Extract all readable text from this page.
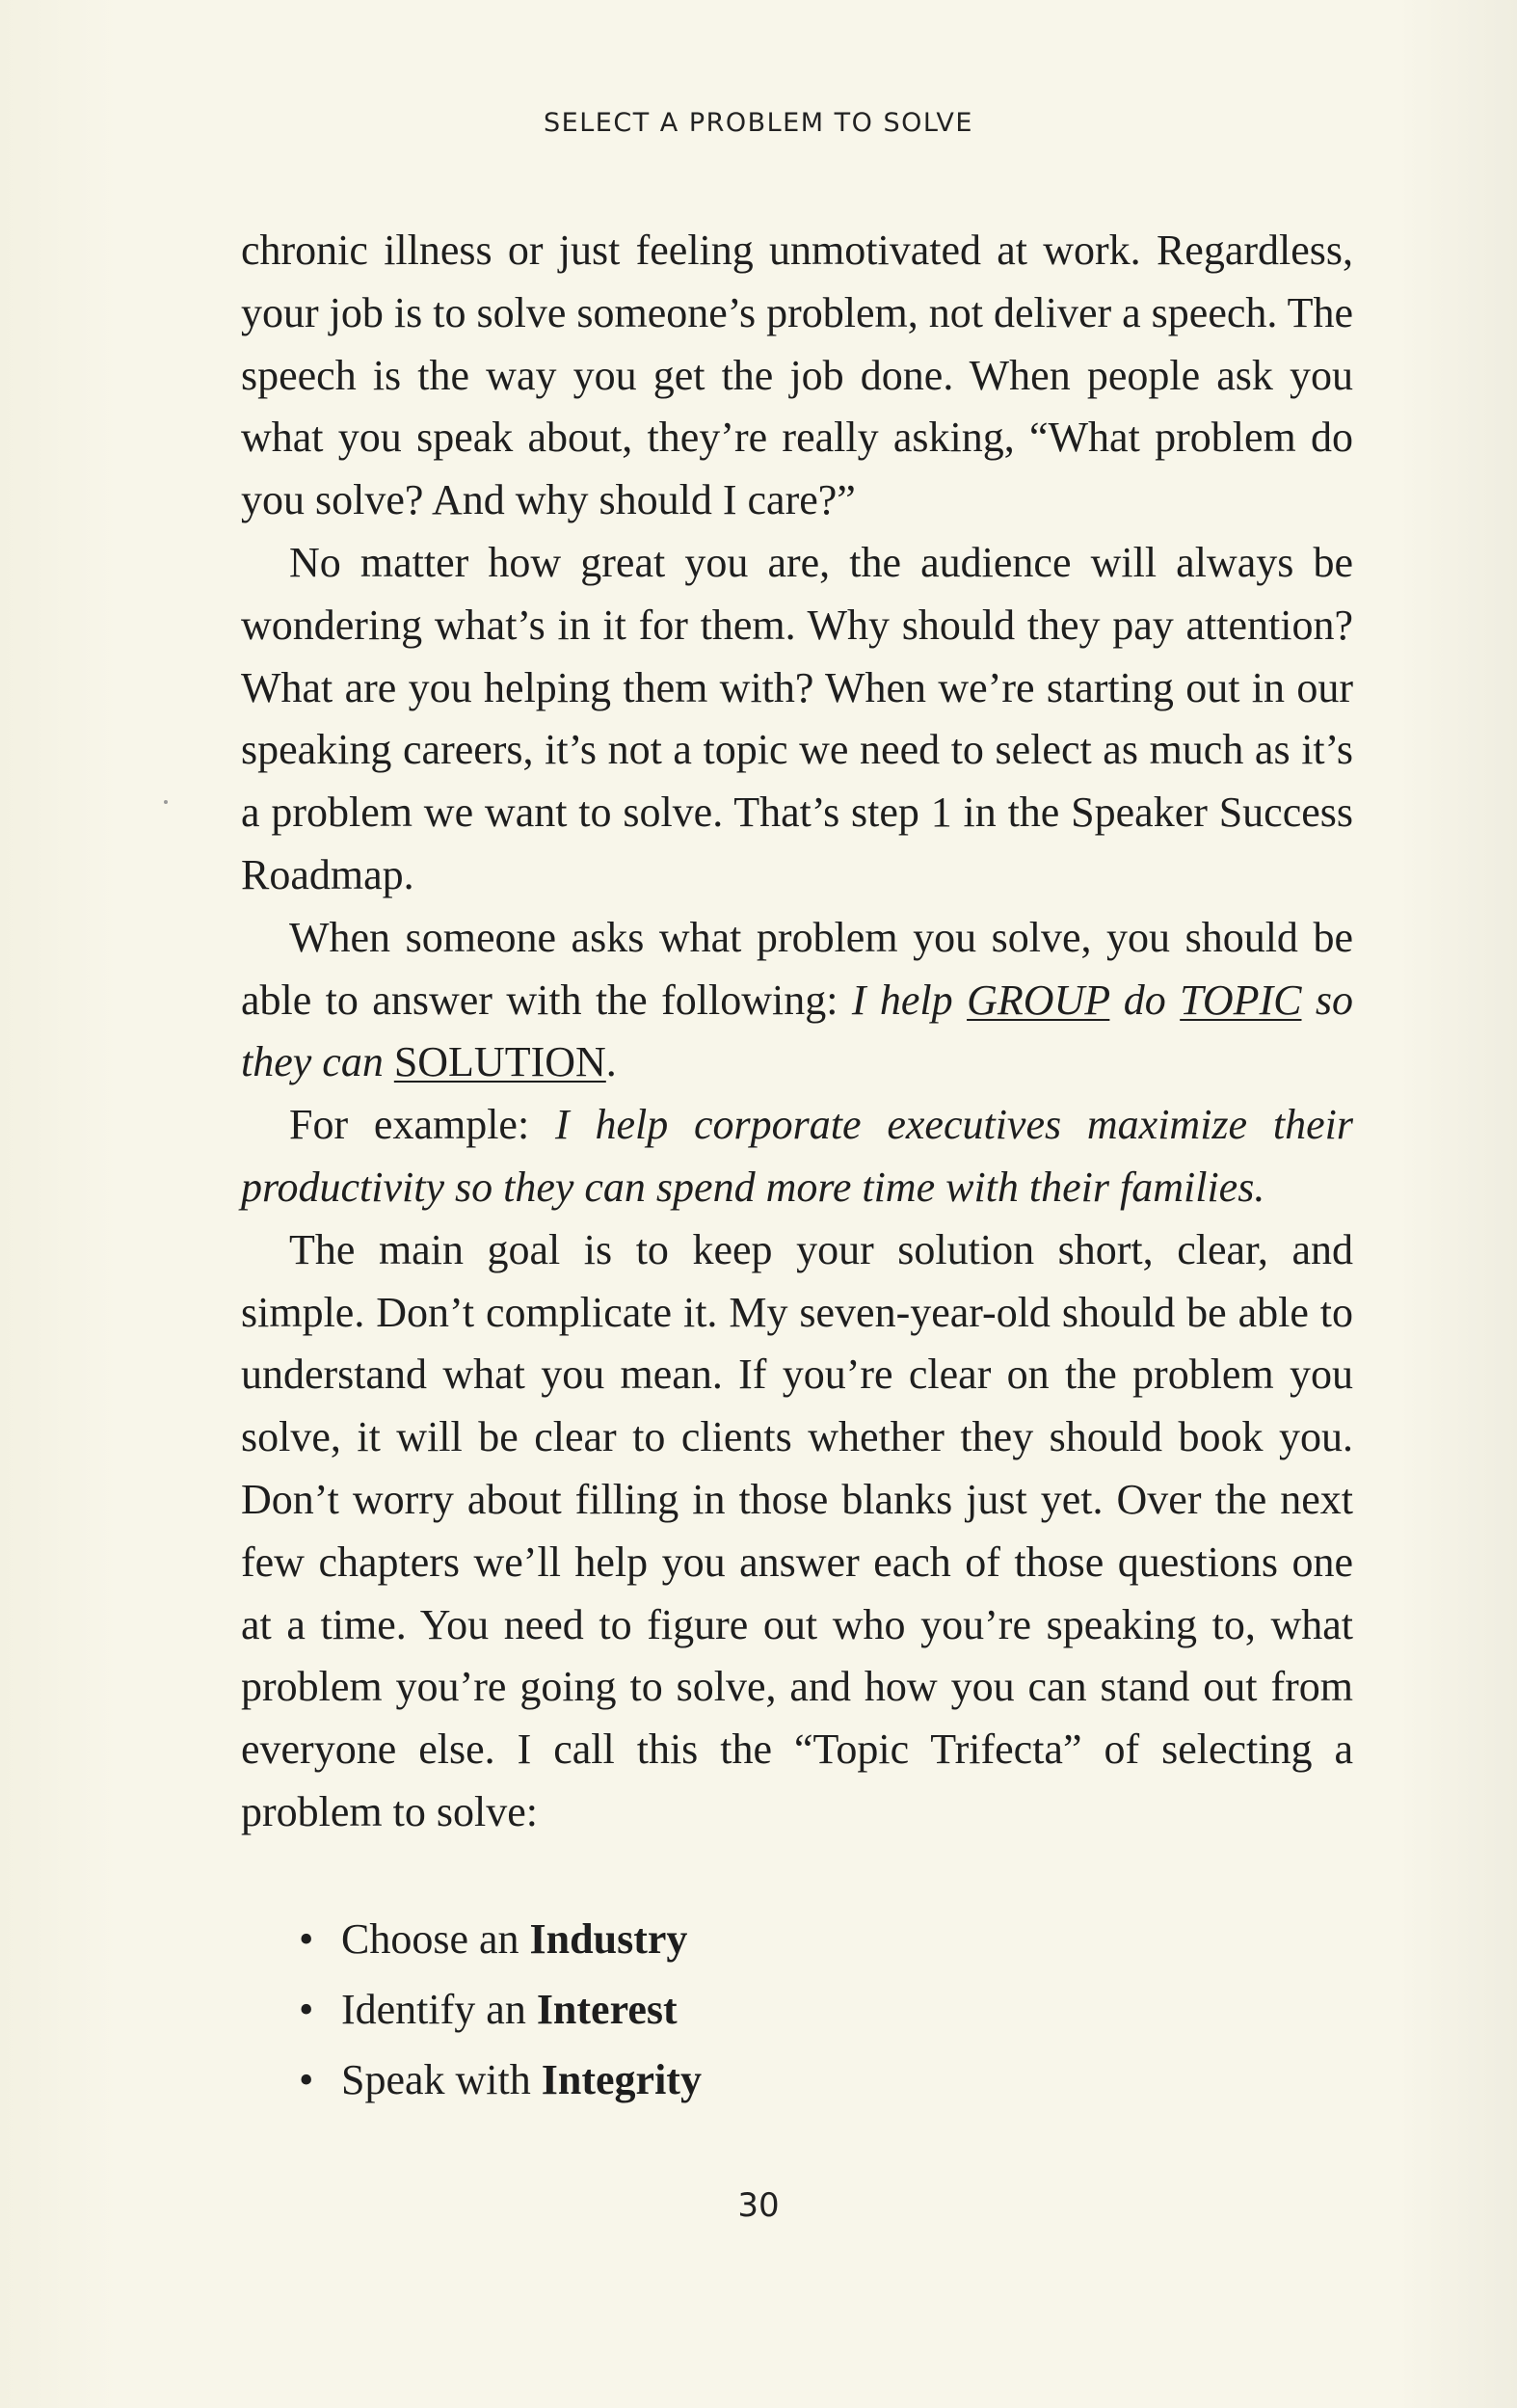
SELECT A PROBLEM TO SOLVE

chronic illness or just feeling unmotivated at work. Regardless, your job is to solve someone’s problem, not deliver a speech. The speech is the way you get the job done. When people ask you what you speak about, they’re really asking, “What problem do you solve? And why should I care?”

No matter how great you are, the audience will always be wondering what’s in it for them. Why should they pay attention? What are you helping them with? When we’re starting out in our speaking careers, it’s not a topic we need to select as much as it’s a problem we want to solve. That’s step 1 in the Speaker Success Roadmap.

When someone asks what problem you solve, you should be able to answer with the following: I help GROUP do TOPIC so they can SOLUTION.

For example: I help corporate executives maximize their productivity so they can spend more time with their families.

The main goal is to keep your solution short, clear, and simple. Don’t complicate it. My seven-year-old should be able to understand what you mean. If you’re clear on the problem you solve, it will be clear to clients whether they should book you. Don’t worry about filling in those blanks just yet. Over the next few chapters we’ll help you answer each of those questions one at a time. You need to figure out who you’re speaking to, what problem you’re going to solve, and how you can stand out from everyone else. I call this the “Topic Trifecta” of selecting a problem to solve:

• Choose an Industry
• Identify an Interest
• Speak with Integrity
30
